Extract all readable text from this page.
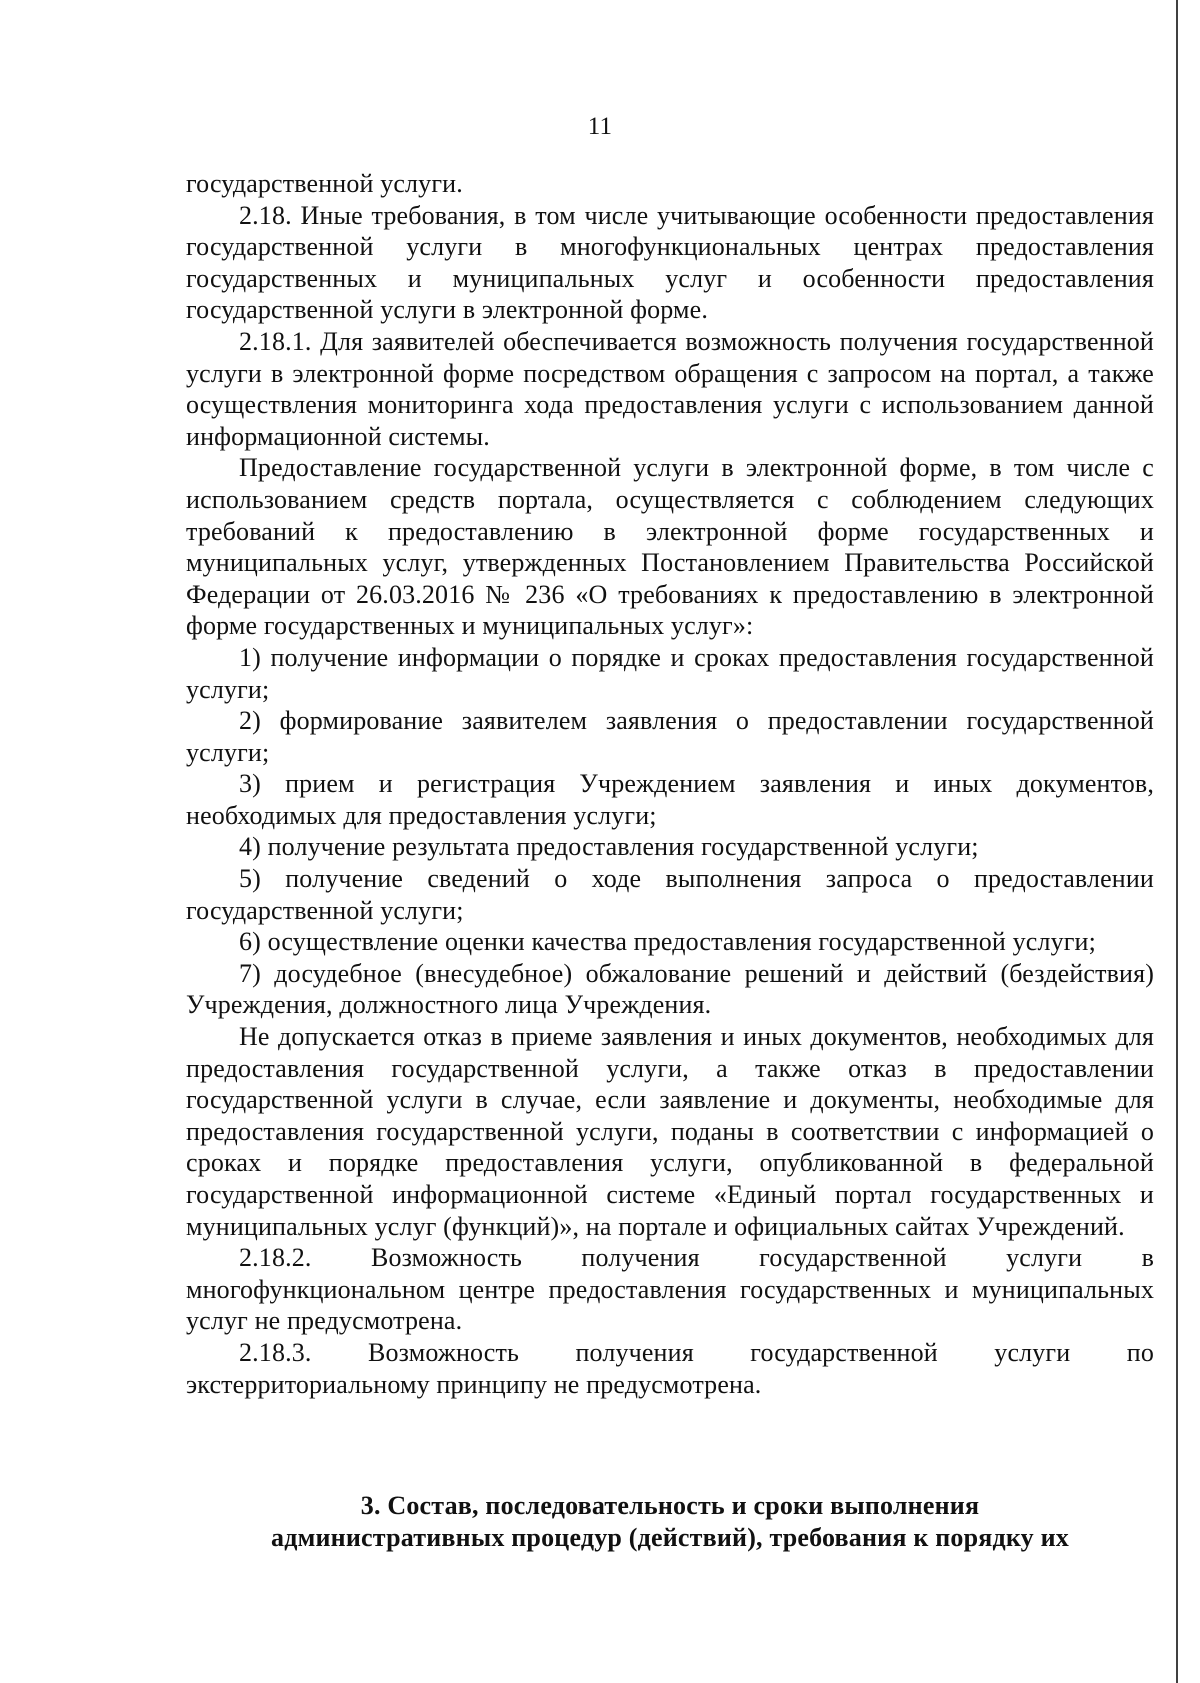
11

государственной услуги.

2.18. Иные требования, в том числе учитывающие особенности предоставления государственной услуги в многофункциональных центрах предоставления государственных и муниципальных услуг и особенности предоставления государственной услуги в электронной форме.

2.18.1. Для заявителей обеспечивается возможность получения государственной услуги в электронной форме посредством обращения с запросом на портал, а также осуществления мониторинга хода предоставления услуги с использованием данной информационной системы.

Предоставление государственной услуги в электронной форме, в том числе с использованием средств портала, осуществляется с соблюдением следующих требований к предоставлению в электронной форме государственных и муниципальных услуг, утвержденных Постановлением Правительства Российской Федерации от 26.03.2016 № 236 «О требованиях к предоставлению в электронной форме государственных и муниципальных услуг»:

1) получение информации о порядке и сроках предоставления государственной услуги;

2) формирование заявителем заявления о предоставлении государственной услуги;

3) прием и регистрация Учреждением заявления и иных документов, необходимых для предоставления услуги;

4) получение результата предоставления государственной услуги;

5) получение сведений о ходе выполнения запроса о предоставлении государственной услуги;

6) осуществление оценки качества предоставления государственной услуги;

7) досудебное (внесудебное) обжалование решений и действий (бездействия) Учреждения, должностного лица Учреждения.

Не допускается отказ в приеме заявления и иных документов, необходимых для предоставления государственной услуги, а также отказ в предоставлении государственной услуги в случае, если заявление и документы, необходимые для предоставления государственной услуги, поданы в соответствии с информацией о сроках и порядке предоставления услуги, опубликованной в федеральной государственной информационной системе «Единый портал государственных и муниципальных услуг (функций)», на портале и официальных сайтах Учреждений.

2.18.2. Возможность получения государственной услуги в многофункциональном центре предоставления государственных и муниципальных услуг не предусмотрена.

2.18.3. Возможность получения государственной услуги по экстерриториальному принципу не предусмотрена.

3. Состав, последовательность и сроки выполнения
административных процедур (действий), требования к порядку их
